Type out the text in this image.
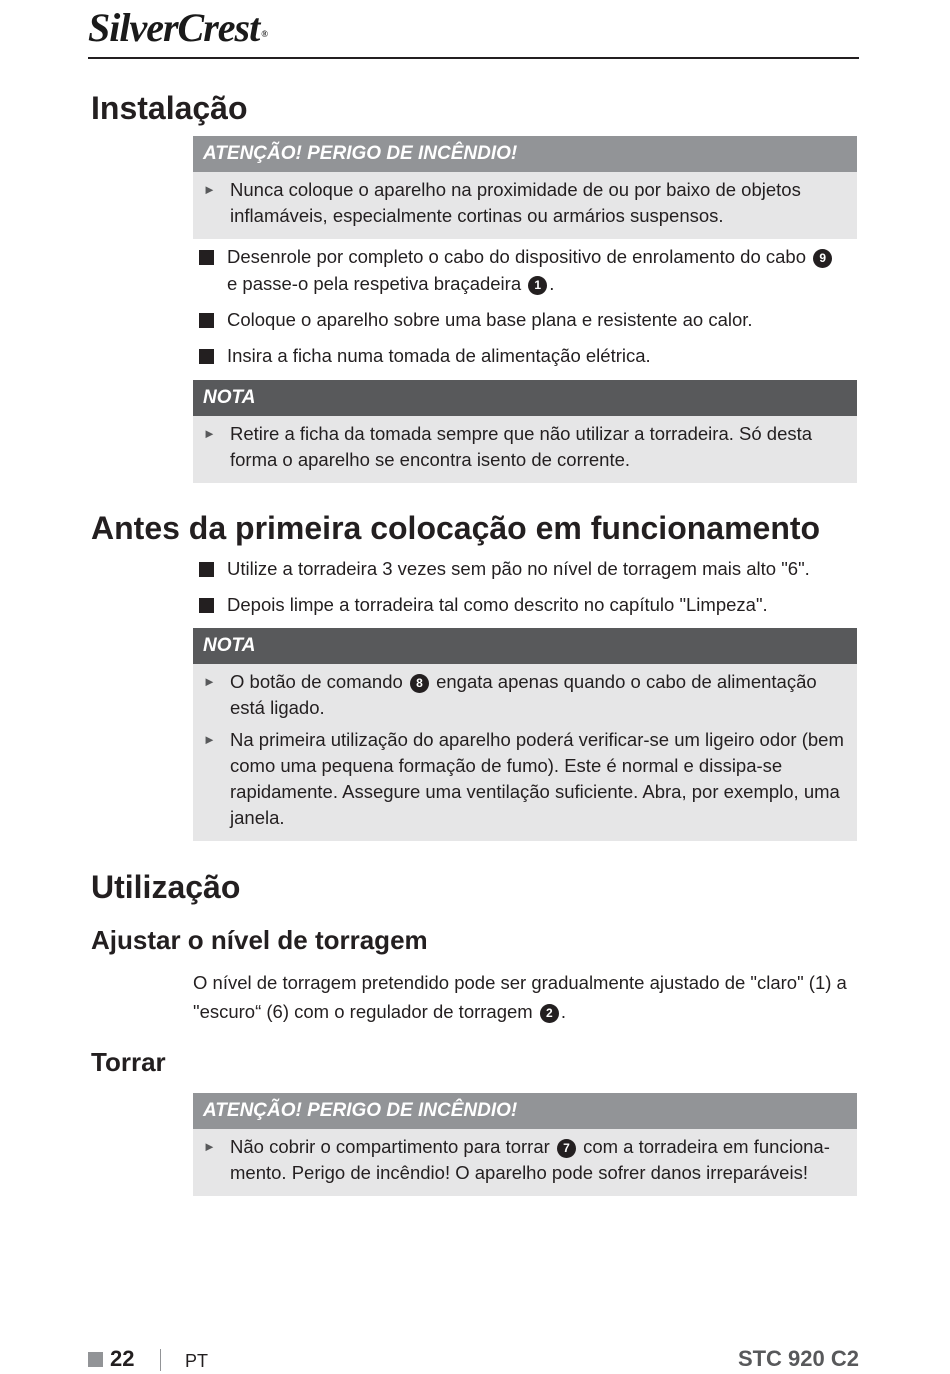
SilverCrest ®
Instalação
ATENÇÃO! PERIGO DE INCÊNDIO!
► Nunca coloque o aparelho na proximidade de ou por baixo de objetos inflamáveis, especialmente cortinas ou armários suspensos.
Desenrole por completo o cabo do dispositivo de enrolamento do cabo 9
e passe-o pela respetiva braçadeira 1 .
Coloque o aparelho sobre uma base plana e resistente ao calor.
Insira a ficha numa tomada de alimentação elétrica.
NOTA
► Retire a ficha da tomada sempre que não utilizar a torradeira. Só desta forma o aparelho se encontra isento de corrente.
Antes da primeira colocação em funcionamento
Utilize a torradeira 3 vezes sem pão no nível de torragem mais alto "6".
Depois limpe a torradeira tal como descrito no capítulo "Limpeza".
NOTA
► O botão de comando 8 engata apenas quando o cabo de alimentação está ligado.
► Na primeira utilização do aparelho poderá verificar-se um ligeiro odor (bem como uma pequena formação de fumo). Este é normal e dissipa-se rapidamente. Assegure uma ventilação suficiente. Abra, por exemplo, uma janela.
Utilização
Ajustar o nível de torragem
O nível de torragem pretendido pode ser gradualmente ajustado de "claro" (1) a "escuro“ (6) com o regulador de torragem 2 .
Torrar
ATENÇÃO! PERIGO DE INCÊNDIO!
► Não cobrir o compartimento para torrar 7 com a torradeira em funcionamento. Perigo de incêndio! O aparelho pode sofrer danos irreparáveis!
22	PT	STC 920 C2
